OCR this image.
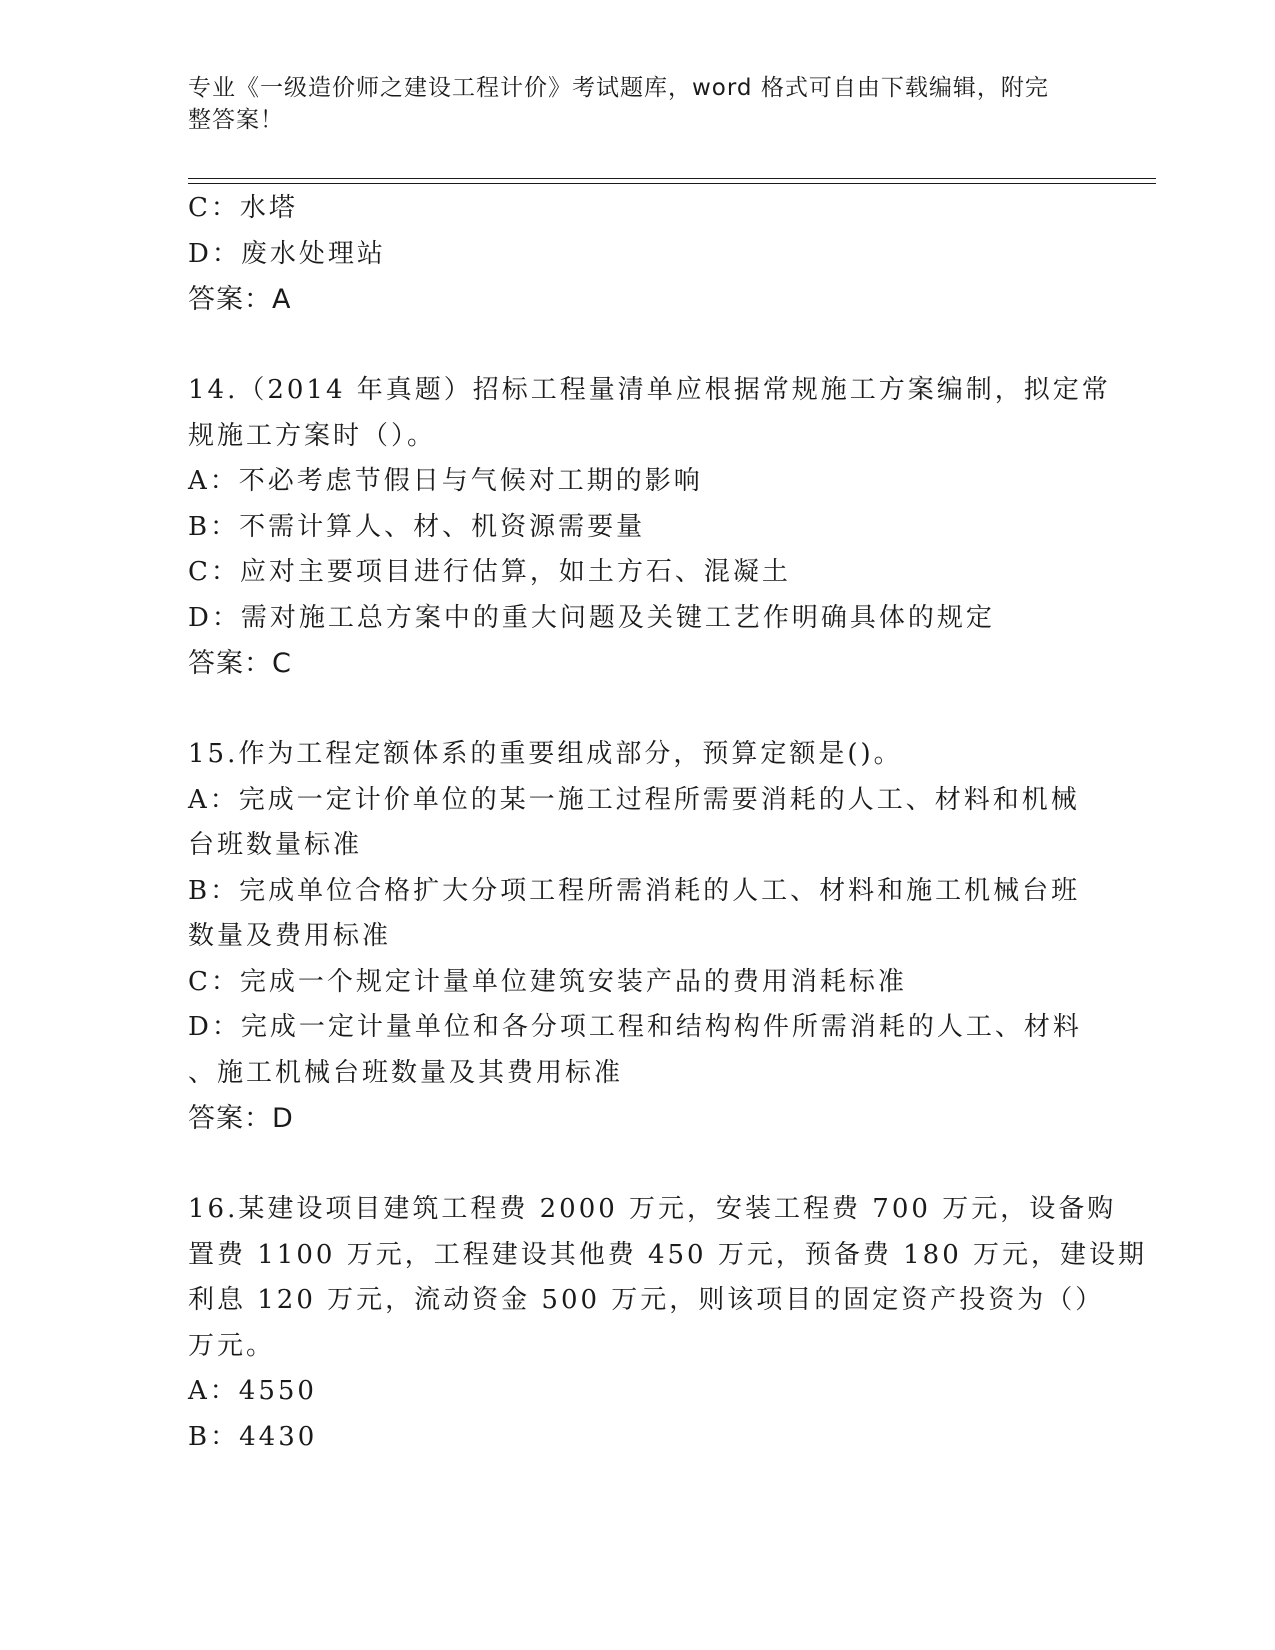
专业《一级造价师之建设工程计价》考试题库，word 格式可自由下载编辑，附完
整答案！
C：水塔
D：废水处理站
答案：A
14.（2014 年真题）招标工程量清单应根据常规施工方案编制，拟定常
规施工方案时（）。
A：不必考虑节假日与气候对工期的影响
B：不需计算人、材、机资源需要量
C：应对主要项目进行估算，如土方石、混凝土
D：需对施工总方案中的重大问题及关键工艺作明确具体的规定
答案：C
15.作为工程定额体系的重要组成部分，预算定额是()。
A：完成一定计价单位的某一施工过程所需要消耗的人工、材料和机械
台班数量标准
B：完成单位合格扩大分项工程所需消耗的人工、材料和施工机械台班
数量及费用标准
C：完成一个规定计量单位建筑安装产品的费用消耗标准
D：完成一定计量单位和各分项工程和结构构件所需消耗的人工、材料
、施工机械台班数量及其费用标准
答案：D
16.某建设项目建筑工程费 2000 万元，安装工程费 700 万元，设备购
置费 1100 万元，工程建设其他费 450 万元，预备费 180 万元，建设期
利息 120 万元，流动资金 500 万元，则该项目的固定资产投资为（）
万元。
A：4550
B：4430
